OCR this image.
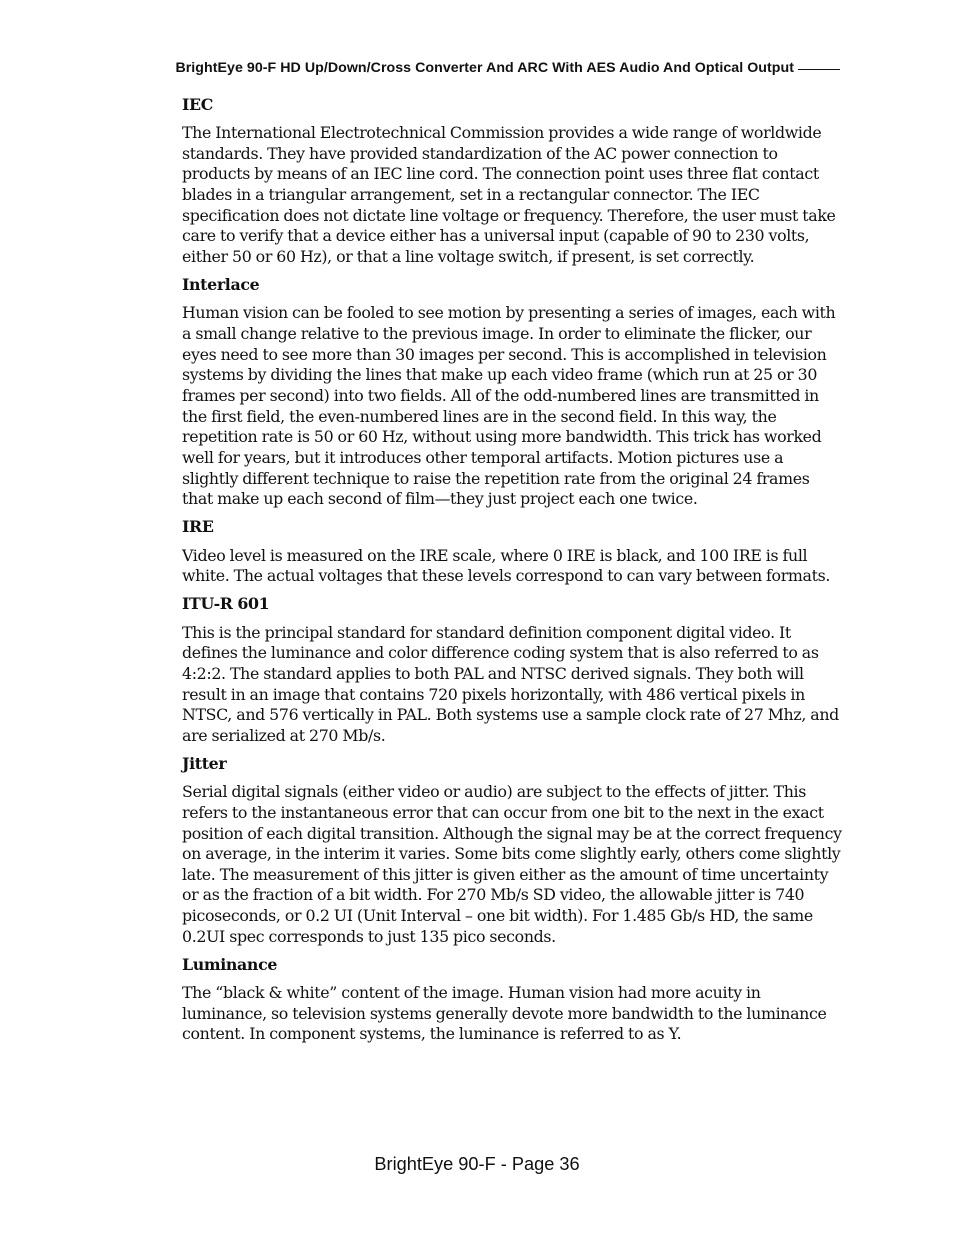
BrightEye 90-F HD Up/Down/Cross Converter And ARC With AES Audio And Optical Output
IEC
The International Electrotechnical Commission provides a wide range of worldwide standards. They have provided standardization of the AC power connection to products by means of an IEC line cord. The connection point uses three flat contact blades in a triangular arrangement, set in a rectangular connector. The IEC specification does not dictate line voltage or frequency. Therefore, the user must take care to verify that a device either has a universal input (capable of 90 to 230 volts, either 50 or 60 Hz), or that a line voltage switch, if present, is set correctly.
Interlace
Human vision can be fooled to see motion by presenting a series of images, each with a small change relative to the previous image. In order to eliminate the flicker, our eyes need to see more than 30 images per second. This is accomplished in television systems by dividing the lines that make up each video frame (which run at 25 or 30 frames per second) into two fields. All of the odd-numbered lines are transmitted in the first field, the even-numbered lines are in the second field. In this way, the repetition rate is 50 or 60 Hz, without using more bandwidth. This trick has worked well for years, but it introduces other temporal artifacts. Motion pictures use a slightly different technique to raise the repetition rate from the original 24 frames that make up each second of film—they just project each one twice.
IRE
Video level is measured on the IRE scale, where 0 IRE is black, and 100 IRE is full white. The actual voltages that these levels correspond to can vary between formats.
ITU-R 601
This is the principal standard for standard definition component digital video. It defines the luminance and color difference coding system that is also referred to as 4:2:2. The standard applies to both PAL and NTSC derived signals. They both will result in an image that contains 720 pixels horizontally, with 486 vertical pixels in NTSC, and 576 vertically in PAL. Both systems use a sample clock rate of 27 Mhz, and are serialized at 270 Mb/s.
Jitter
Serial digital signals (either video or audio) are subject to the effects of jitter. This refers to the instantaneous error that can occur from one bit to the next in the exact position of each digital transition. Although the signal may be at the correct frequency on average, in the interim it varies. Some bits come slightly early, others come slightly late. The measurement of this jitter is given either as the amount of time uncertainty or as the fraction of a bit width. For 270 Mb/s SD video, the allowable jitter is 740 picoseconds, or 0.2 UI (Unit Interval – one bit width). For 1.485 Gb/s HD, the same 0.2UI spec corresponds to just 135 pico seconds.
Luminance
The “black & white” content of the image. Human vision had more acuity in luminance, so television systems generally devote more bandwidth to the luminance content. In component systems, the luminance is referred to as Y.
BrightEye 90-F - Page 36
